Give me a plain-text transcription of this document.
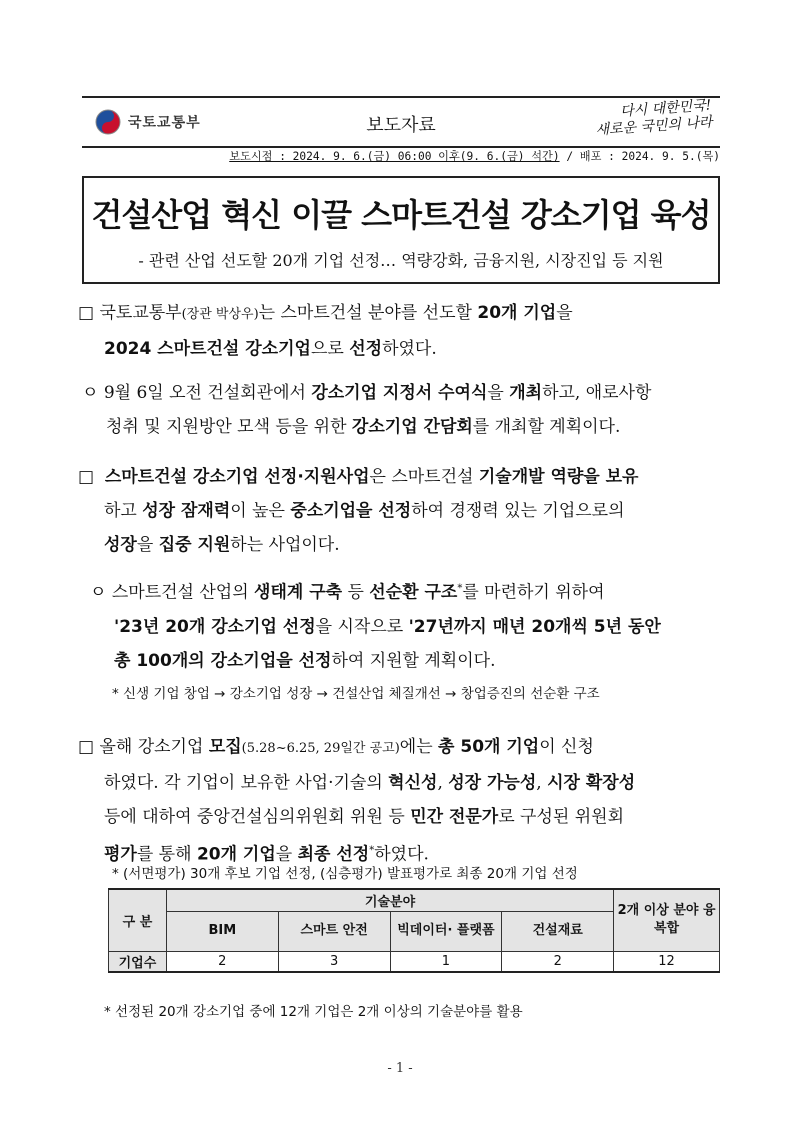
국토교통부	보도자료
다시 대한민국!
새로운 국민의 나라
보도시점 : 2024. 9. 6.(금) 06:00 이후(9. 6.(금) 석간) / 배포 : 2024. 9. 5.(목)
건설산업 혁신 이끌 스마트건설 강소기업 육성
- 관련 산업 선도할 20개 기업 선정… 역량강화, 금융지원, 시장진입 등 지원
□ 국토교통부(장관 박상우)는 스마트건설 분야를 선도할 20개 기업을
2024 스마트건설 강소기업으로 선정하였다.
ㅇ 9월 6일 오전 건설회관에서 강소기업 지정서 수여식을 개최하고, 애로사항
청취 및 지원방안 모색 등을 위한 강소기업 간담회를 개최할 계획이다.
□ 스마트건설 강소기업 선정·지원사업은 스마트건설 기술개발 역량을 보유
하고 성장 잠재력이 높은 중소기업을 선정하여 경쟁력 있는 기업으로의
성장을 집중 지원하는 사업이다.
ㅇ 스마트건설 산업의 생태계 구축 등 선순환 구조*를 마련하기 위하여
'23년 20개 강소기업 선정을 시작으로 '27년까지 매년 20개씩 5년 동안
총 100개의 강소기업을 선정하여 지원할 계획이다.
* 신생 기업 창업 → 강소기업 성장 → 건설산업 체질개선 → 창업증진의 선순환 구조
□ 올해 강소기업 모집(5.28~6.25, 29일간 공고)에는 총 50개 기업이 신청
하였다. 각 기업이 보유한 사업·기술의 혁신성, 성장 가능성, 시장 확장성
등에 대하여 중앙건설심의위원회 위원 등 민간 전문가로 구성된 위원회
평가를 통해 20개 기업을 최종 선정*하였다.
* (서면평가) 30개 후보 기업 선정, (심층평가) 발표평가로 최종 20개 기업 선정
구 분	기술분야				2개 이상 분야 융복합
	BIM	스마트 안전	빅데이터· 플랫폼	건설재료	
기업수	2	3	1	2	12
* 선정된 20개 강소기업 중에 12개 기업은 2개 이상의 기술분야를 활용
- 1 -
